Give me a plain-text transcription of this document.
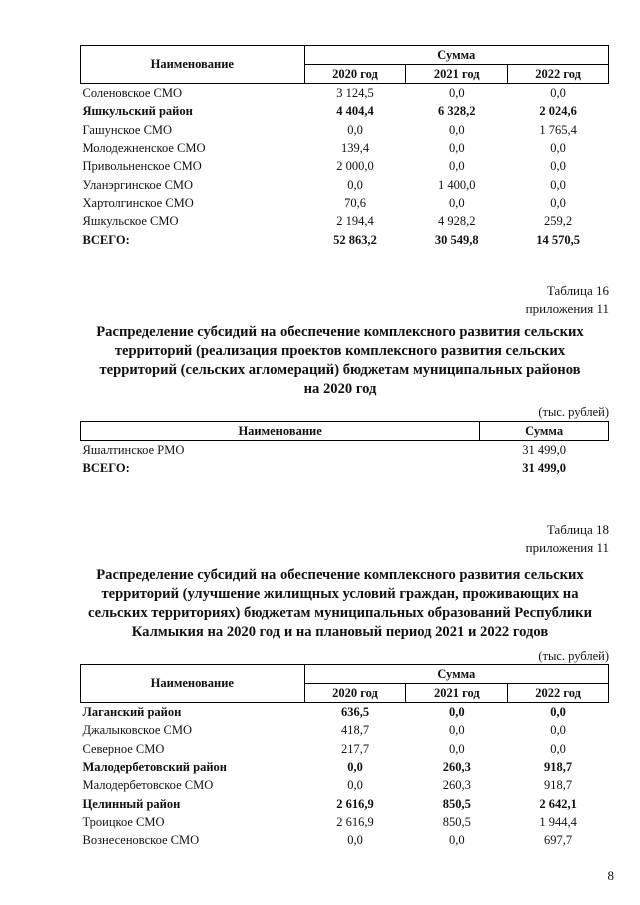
Наименование	Сумма		
	2020 год	2021 год	2022 год
Соленовское СМО	3 124,5	0,0	0,0
Яшкульский район	4 404,4	6 328,2	2 024,6
Гашунское СМО	0,0	0,0	1 765,4
Молодежненское СМО	139,4	0,0	0,0
Привольненское СМО	2 000,0	0,0	0,0
Уланэргинское СМО	0,0	1 400,0	0,0
Хартолгинское СМО	70,6	0,0	0,0
Яшкульское СМО	2 194,4	4 928,2	259,2
ВСЕГО:	52 863,2	30 549,8	14 570,5
Таблица 16
приложения 11
Распределение субсидий на обеспечение комплексного развития сельских
территорий (реализация проектов комплексного развития сельских
территорий (сельских агломераций) бюджетам муниципальных районов
на 2020 год
(тыс. рублей)
Наименование	Сумма
Яшалтинское РМО	31 499,0
ВСЕГО:	31 499,0
Таблица 18
приложения 11
Распределение субсидий на обеспечение комплексного развития сельских
территорий (улучшение жилищных условий граждан, проживающих на
сельских территориях) бюджетам муниципальных образований Республики
Калмыкия на 2020 год и на плановый период 2021 и 2022 годов
(тыс. рублей)
Наименование	Сумма		
	2020 год	2021 год	2022 год
Лаганский район	636,5	0,0	0,0
Джалыковское СМО	418,7	0,0	0,0
Северное СМО	217,7	0,0	0,0
Малодербетовский район	0,0	260,3	918,7
Малодербетовское СМО	0,0	260,3	918,7
Целинный район	2 616,9	850,5	2 642,1
Троицкое СМО	2 616,9	850,5	1 944,4
Вознесеновское СМО	0,0	0,0	697,7
8
